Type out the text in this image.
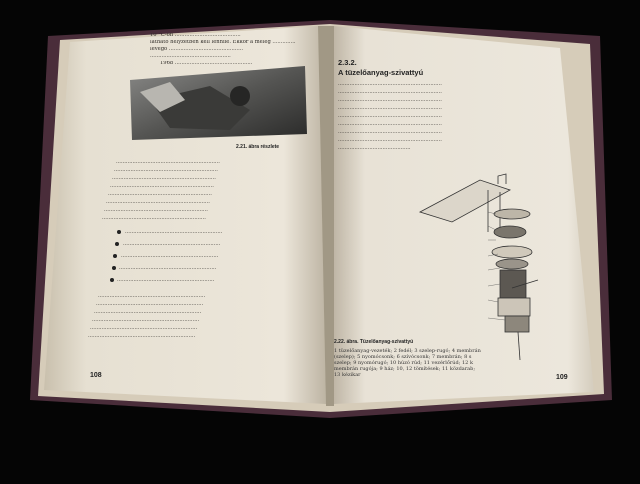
10 °C-on ........................................
látható helyzetben kell lenniie. Ekkor a meleg ..............
levegő .............................................
.................................................
1968 ...............................................
2.21. ábra részlete
...............................................................
...............................................................
...............................................................
...............................................................
...............................................................
...............................................................
...............................................................
...............................................................
...........................................................
...........................................................
...........................................................
...........................................................
...........................................................
.................................................................
.................................................................
.................................................................
.................................................................
.................................................................
.................................................................
108
2.3.2.
A tüzelőanyag-szivattyú
...............................................................
...............................................................
...............................................................
...............................................................
...............................................................
...............................................................
...............................................................
...............................................................
............................................
2.22. ábra. Tüzelőanyag-szivattyú
1 tüzelőanyag-vezeték; 2 fedél; 3 szelep-rugó; 4 membrán
(szelep); 5 nyomócsonk; 6 szívócsonk; 7 membrán; 8 s
szelep; 9 nyomórugó; 10 húzó rúd; 11 vezérlőrúd; 12 k
membrán rugója; 9 ház; 10, 12 tömítések; 11 közdarab;
13 kézikar	109
